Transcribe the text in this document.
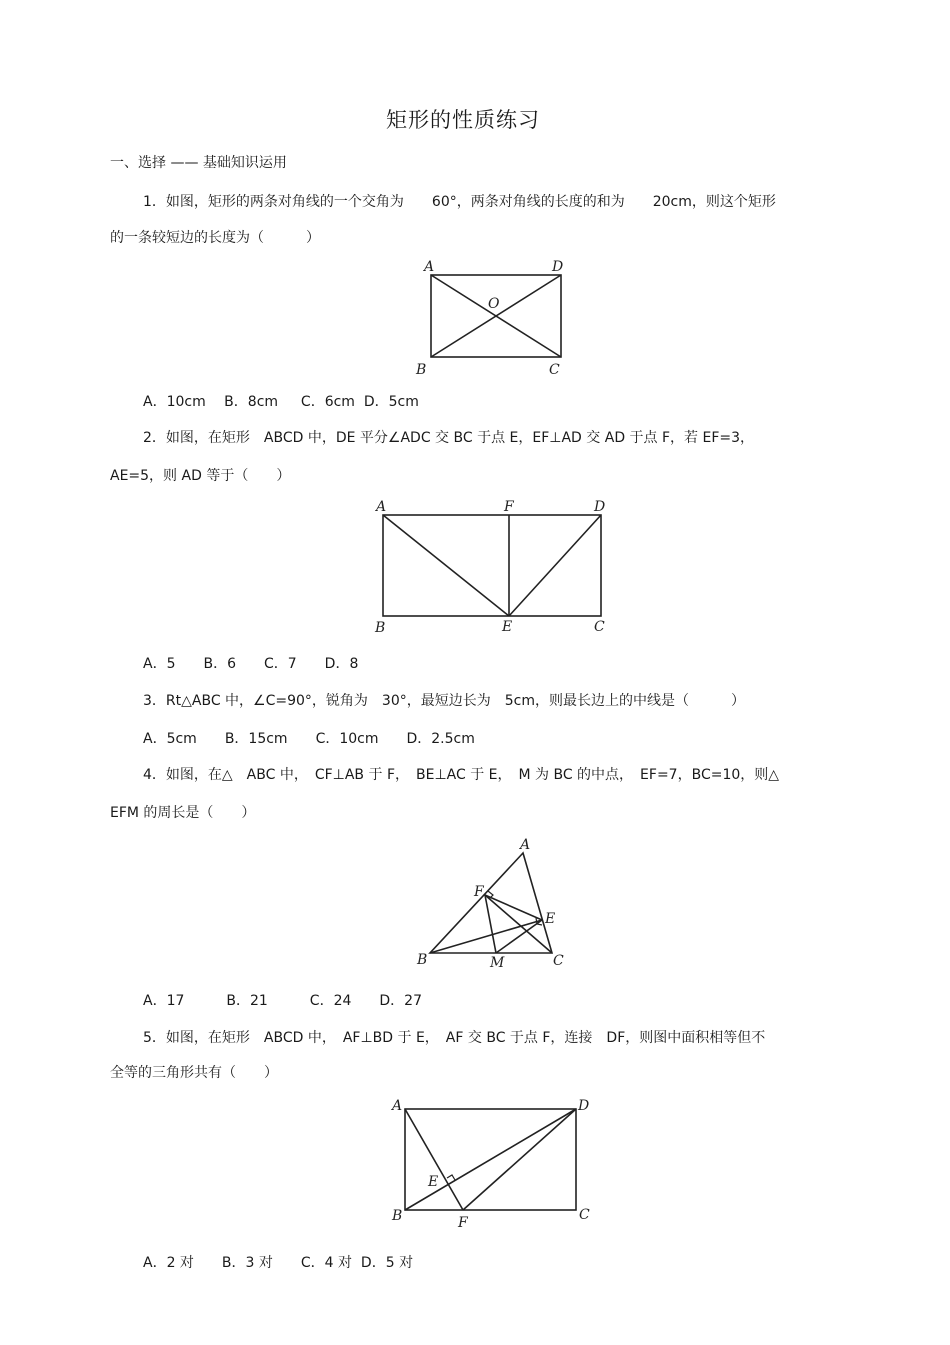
矩形的性质练习
一、选择 —— 基础知识运用
1．如图，矩形的两条对角线的一个交角为　　60°，两条对角线的长度的和为　　20cm，则这个矩形
的一条较短边的长度为（　　　）
A	D
O
B	C
A．10cm　 B．8cm　  C．6cm  D．5cm
2．如图，在矩形　ABCD 中，DE 平分∠ADC 交 BC 于点 E，EF⊥AD 交 AD 于点 F，若 EF=3，
AE=5，则 AD 等于（　　）
A	F	D
B	E	C
A．5　　B．6　　C．7　　D．8
3．Rt△ABC 中，∠C=90°，锐角为　30°，最短边长为　5cm，则最长边上的中线是（　　　）
A．5cm　　B．15cm　　C．10cm　　D．2.5cm
4．如图，在△　ABC 中，　CF⊥AB 于 F，　BE⊥AC 于 E，　M 为 BC 的中点，　EF=7，BC=10，则△
EFM 的周长是（　　）
A
F
E
B	M	C
A．17　　　B．21　　　C．24　　D．27
5．如图，在矩形　ABCD 中，　AF⊥BD 于 E，　AF 交 BC 于点 F，连接　DF，则图中面积相等但不
全等的三角形共有（　　）
A	D
E
B	F	C
A．2 对　　B．3 对　　C．4 对  D．5 对
